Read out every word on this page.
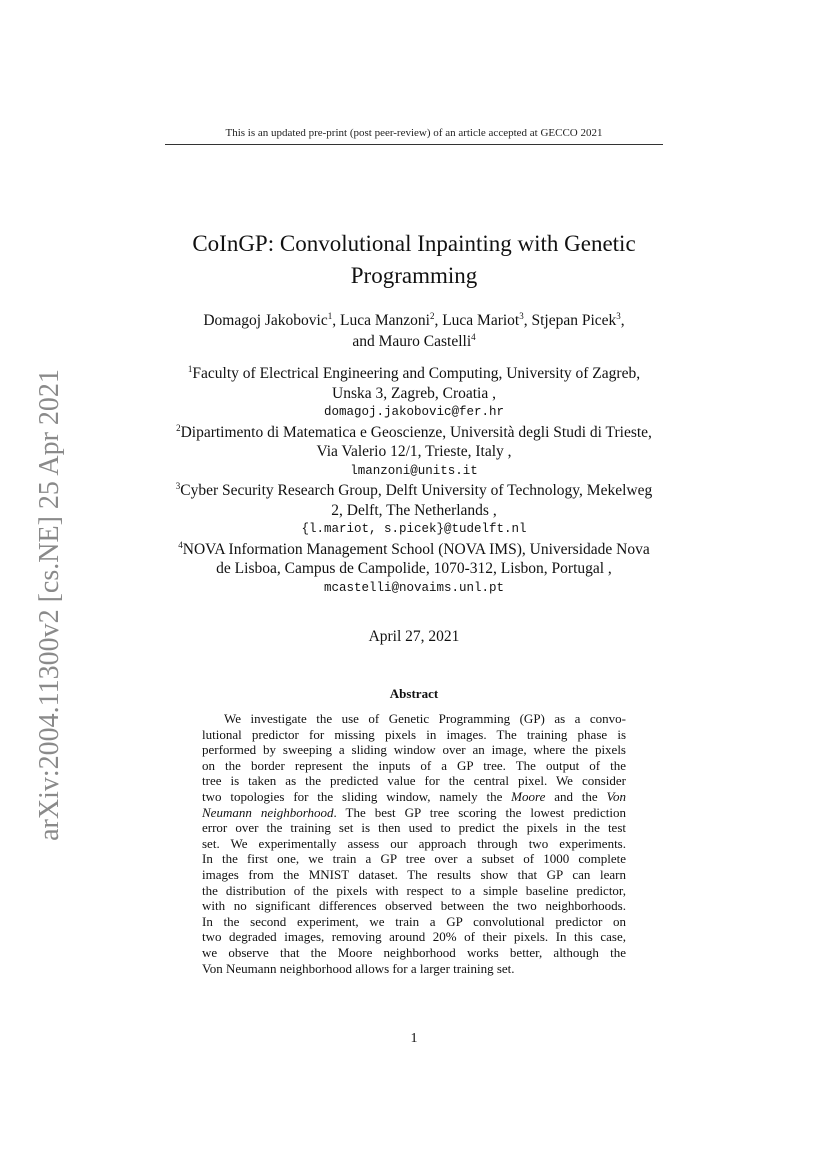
arXiv:2004.11300v2 [cs.NE] 25 Apr 2021
This is an updated pre-print (post peer-review) of an article accepted at GECCO 2021
CoInGP: Convolutional Inpainting with Genetic
Programming
Domagoj Jakobovic$^1$, Luca Manzoni$^2$, Luca Mariot$^3$, Stjepan Picek$^3$,
and Mauro Castelli$^4$
$^1$Faculty of Electrical Engineering and Computing, University of Zagreb,
Unska 3, Zagreb, Croatia ,
domagoj.jakobovic@fer.hr
$^2$Dipartimento di Matematica e Geoscienze, Università degli Studi di Trieste,
Via Valerio 12/1, Trieste, Italy ,
lmanzoni@units.it
$^3$Cyber Security Research Group, Delft University of Technology, Mekelweg
2, Delft, The Netherlands ,
{l.mariot, s.picek}@tudelft.nl
$^4$NOVA Information Management School (NOVA IMS), Universidade Nova
de Lisboa, Campus de Campolide, 1070-312, Lisbon, Portugal ,
mcastelli@novaims.unl.pt
April 27, 2021
Abstract
We investigate the use of Genetic Programming (GP) as a convo-
lutional predictor for missing pixels in images. The training phase is
performed by sweeping a sliding window over an image, where the pixels
on the border represent the inputs of a GP tree. The output of the
tree is taken as the predicted value for the central pixel. We consider
two topologies for the sliding window, namely the Moore and the Von
Neumann neighborhood. The best GP tree scoring the lowest prediction
error over the training set is then used to predict the pixels in the test
set. We experimentally assess our approach through two experiments.
In the first one, we train a GP tree over a subset of 1000 complete
images from the MNIST dataset. The results show that GP can learn
the distribution of the pixels with respect to a simple baseline predictor,
with no significant differences observed between the two neighborhoods.
In the second experiment, we train a GP convolutional predictor on
two degraded images, removing around 20% of their pixels. In this case,
we observe that the Moore neighborhood works better, although the
Von Neumann neighborhood allows for a larger training set.
1
